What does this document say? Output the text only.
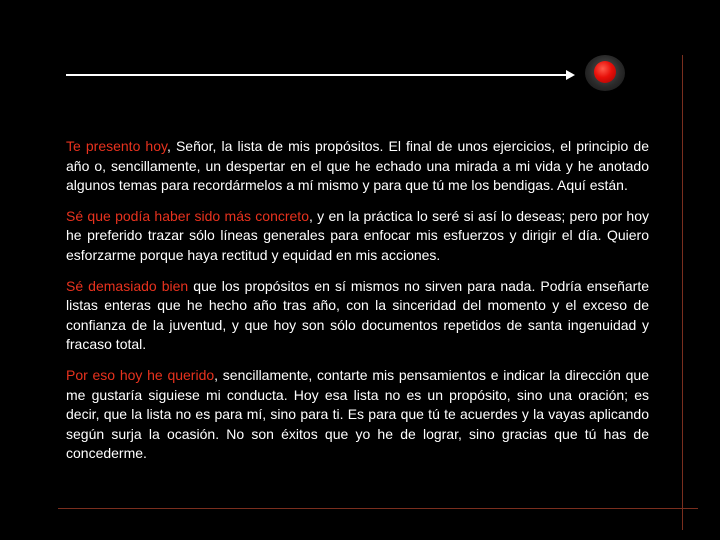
Te presento hoy, Señor, la lista de mis propósitos. El final de unos ejercicios, el principio de año o, sencillamente, un despertar en el que he echado una mirada a mi vida y he anotado algunos temas para recordármelos a mí mismo y para que tú me los bendigas. Aquí están.

Sé que podía haber sido más concreto, y en la práctica lo seré si así lo deseas; pero por hoy he preferido trazar sólo líneas generales para enfocar mis esfuerzos y dirigir el día. Quiero esforzarme porque haya rectitud y equidad en mis acciones.

Sé demasiado bien que los propósitos en sí mismos no sirven para nada. Podría enseñarte listas enteras que he hecho año tras año, con la sinceridad del momento y el exceso de confianza de la juventud, y que hoy son sólo documentos repetidos de santa ingenuidad y fracaso total.

Por eso hoy he querido, sencillamente, contarte mis pensamientos e indicar la dirección que me gustaría siguiese mi conducta. Hoy esa lista no es un propósito, sino una oración; es decir, que la lista no es para mí, sino para ti. Es para que tú te acuerdes y la vayas aplicando según surja la ocasión. No son éxitos que yo he de lograr, sino gracias que tú has de concederme.
